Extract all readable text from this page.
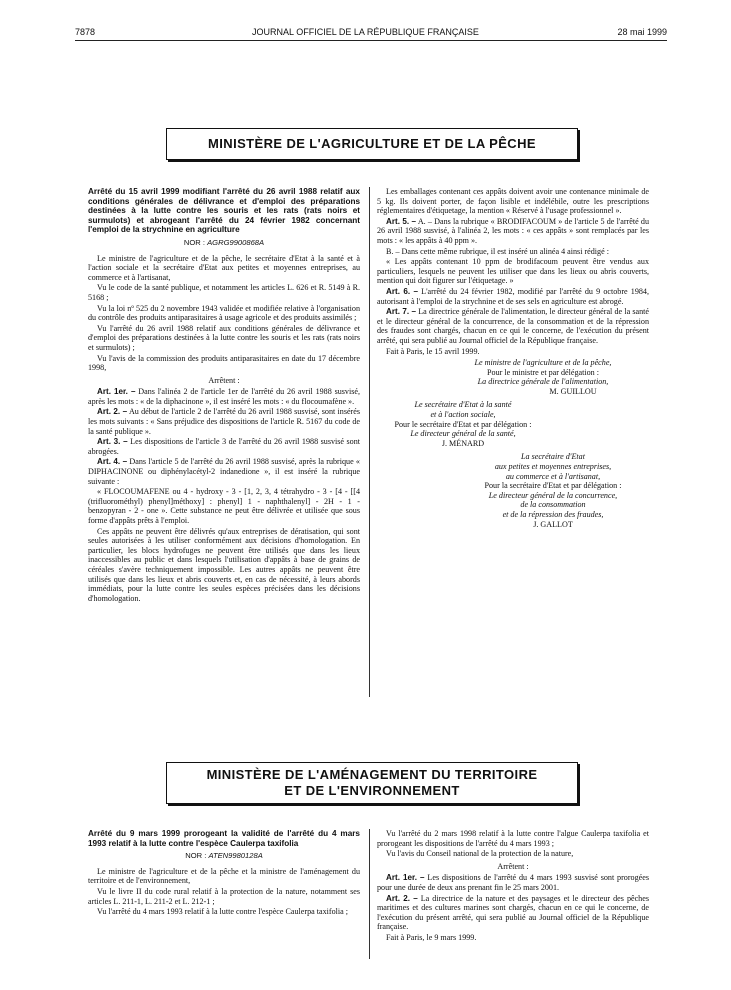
7878	JOURNAL OFFICIEL DE LA RÉPUBLIQUE FRANÇAISE	28 mai 1999
MINISTÈRE DE L'AGRICULTURE ET DE LA PÊCHE

Arrêté du 15 avril 1999 modifiant l'arrêté du 26 avril 1988 relatif aux conditions générales de délivrance et d'emploi des préparations destinées à la lutte contre les souris et les rats (rats noirs et surmulots) et abrogeant l'arrêté du 24 février 1982 concernant l'emploi de la strychnine en agriculture

NOR : AGRG9900868A

Le ministre de l'agriculture et de la pêche, le secrétaire d'Etat à la santé et à l'action sociale et la secrétaire d'Etat aux petites et moyennes entreprises, au commerce et à l'artisanat,

Vu le code de la santé publique, et notamment les articles L. 626 et R. 5149 à R. 5168 ;

Vu la loi nº 525 du 2 novembre 1943 validée et modifiée relative à l'organisation du contrôle des produits antiparasitaires à usage agricole et des produits assimilés ;

Vu l'arrêté du 26 avril 1988 relatif aux conditions générales de délivrance et d'emploi des préparations destinées à la lutte contre les souris et les rats (rats noirs et surmulots) ;

Vu l'avis de la commission des produits antiparasitaires en date du 17 décembre 1998,

Arrêtent :

Art. 1er. – Dans l'alinéa 2 de l'article 1er de l'arrêté du 26 avril 1988 susvisé, après les mots : « de la diphacinone », il est inséré les mots : « du flocoumafène ».

Art. 2. – Au début de l'article 2 de l'arrêté du 26 avril 1988 susvisé, sont insérés les mots suivants : « Sans préjudice des dispositions de l'article R. 5167 du code de la santé publique ».

Art. 3. – Les dispositions de l'article 3 de l'arrêté du 26 avril 1988 susvisé sont abrogées.

Art. 4. – Dans l'article 5 de l'arrêté du 26 avril 1988 susvisé, après la rubrique « DIPHACINONE ou diphénylacétyl-2 indanedione », il est inséré la rubrique suivante :

« FLOCOUMAFENE ou 4 - hydroxy - 3 - [1, 2, 3, 4 tétrahydro - 3 - [4 - [[4 (trifluorométhyl) phenyl]méthoxy] : phenyl] 1 - naphthalenyl] - 2H - 1 - benzopyran - 2 - one ». Cette substance ne peut être délivrée et utilisée que sous forme d'appâts prêts à l'emploi.

Ces appâts ne peuvent être délivrés qu'aux entreprises de dératisation, qui sont seules autorisées à les utiliser conformément aux décisions d'homologation. En particulier, les blocs hydrofuges ne peuvent être utilisés que dans les lieux inaccessibles au public et dans lesquels l'utilisation d'appâts à base de grains de céréales s'avère techniquement impossible. Les autres appâts ne peuvent être utilisés que dans les lieux et abris couverts et, en cas de nécessité, à leurs abords immédiats, pour la lutte contre les seules espèces précisées dans les décisions d'homologation.

Les emballages contenant ces appâts doivent avoir une contenance minimale de 5 kg. Ils doivent porter, de façon lisible et indélébile, outre les prescriptions réglementaires d'étiquetage, la mention « Réservé à l'usage professionnel ».

Art. 5. – A. – Dans la rubrique « BRODIFACOUM » de l'article 5 de l'arrêté du 26 avril 1988 susvisé, à l'alinéa 2, les mots : « ces appâts » sont remplacés par les mots : « les appâts à 40 ppm ».

B. – Dans cette même rubrique, il est inséré un alinéa 4 ainsi rédigé :

« Les appâts contenant 10 ppm de brodifacoum peuvent être vendus aux particuliers, lesquels ne peuvent les utiliser que dans les lieux ou abris couverts, mention qui doit figurer sur l'étiquetage. »

Art. 6. – L'arrêté du 24 février 1982, modifié par l'arrêté du 9 octobre 1984, autorisant à l'emploi de la strychnine et de ses sels en agriculture est abrogé.

Art. 7. – La directrice générale de l'alimentation, le directeur général de la santé et le directeur général de la concurrence, de la consommation et de la répression des fraudes sont chargés, chacun en ce qui le concerne, de l'exécution du présent arrêté, qui sera publié au Journal officiel de la République française.

Fait à Paris, le 15 avril 1999.

Le ministre de l'agriculture et de la pêche,

Pour le ministre et par délégation :

La directrice générale de l'alimentation,

M. GUILLOU

Le secrétaire d'Etat à la santé

et à l'action sociale,

Pour le secrétaire d'Etat et par délégation :

Le directeur général de la santé,

J. MÉNARD

La secrétaire d'Etat

aux petites et moyennes entreprises,

au commerce et à l'artisanat,

Pour la secrétaire d'Etat et par délégation :

Le directeur général de la concurrence,

de la consommation

et de la répression des fraudes,

J. GALLOT

MINISTÈRE DE L'AMÉNAGEMENT DU TERRITOIRE
ET DE L'ENVIRONNEMENT

Arrêté du 9 mars 1999 prorogeant la validité de l'arrêté du 4 mars 1993 relatif à la lutte contre l'espèce Caulerpa taxifolia

NOR : ATEN9980128A

Le ministre de l'agriculture et de la pêche et la ministre de l'aménagement du territoire et de l'environnement,

Vu le livre II du code rural relatif à la protection de la nature, notamment ses articles L. 211-1, L. 211-2 et L. 212-1 ;

Vu l'arrêté du 4 mars 1993 relatif à la lutte contre l'espèce Caulerpa taxifolia ;

Vu l'arrêté du 2 mars 1998 relatif à la lutte contre l'algue Caulerpa taxifolia et prorogeant les dispositions de l'arrêté du 4 mars 1993 ;

Vu l'avis du Conseil national de la protection de la nature,

Arrêtent :

Art. 1er. – Les dispositions de l'arrêté du 4 mars 1993 susvisé sont prorogées pour une durée de deux ans prenant fin le 25 mars 2001.

Art. 2. – La directrice de la nature et des paysages et le directeur des pêches maritimes et des cultures marines sont chargés, chacun en ce qui le concerne, de l'exécution du présent arrêté, qui sera publié au Journal officiel de la République française.

Fait à Paris, le 9 mars 1999.
